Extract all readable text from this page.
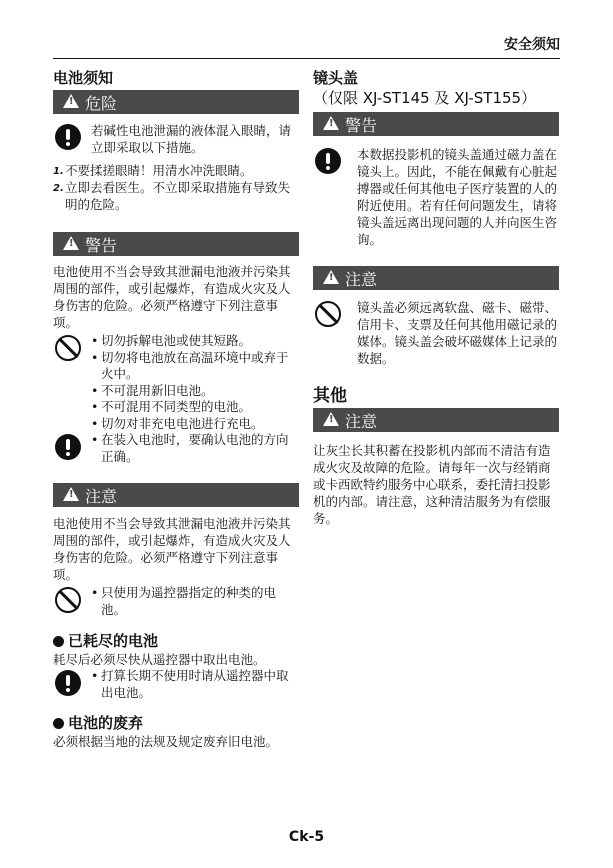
安全须知
电池须知
!
危险
若碱性电池泄漏的液体混入眼睛，请立即采取以下措施。
1. 不要揉搓眼睛！用清水冲洗眼睛。
2. 立即去看医生。不立即采取措施有导致失明的危险。
!
警告
电池使用不当会导致其泄漏电池液并污染其周围的部件，或引起爆炸，有造成火灾及人身伤害的危险。必须严格遵守下列注意事项。
• 切勿拆解电池或使其短路。
• 切勿将电池放在高温环境中或弃于火中。
• 不可混用新旧电池。
• 不可混用不同类型的电池。
• 切勿对非充电电池进行充电。
• 在装入电池时，要确认电池的方向正确。
!
注意
电池使用不当会导致其泄漏电池液并污染其周围的部件，或引起爆炸，有造成火灾及人身伤害的危险。必须严格遵守下列注意事项。
• 只使用为遥控器指定的种类的电池。
已耗尽的电池
耗尽后必须尽快从遥控器中取出电池。
• 打算长期不使用时请从遥控器中取出电池。
电池的废弃
必须根据当地的法规及规定废弃旧电池。
镜头盖
（仅限 XJ-ST145 及 XJ-ST155）
!
警告
本数据投影机的镜头盖通过磁力盖在镜头上。因此，不能在佩戴有心脏起搏器或任何其他电子医疗装置的人的附近使用。若有任何问题发生，请将镜头盖远离出现问题的人并向医生咨询。
!
注意
镜头盖必须远离软盘、磁卡、磁带、信用卡、支票及任何其他用磁记录的媒体。镜头盖会破坏磁媒体上记录的数据。
其他
!
注意
让灰尘长其积蓄在投影机内部而不清洁有造成火灾及故障的危险。请每年一次与经销商或卡西欧特约服务中心联系，委托清扫投影机的内部。请注意，这种清洁服务为有偿服务。
Ck-5
